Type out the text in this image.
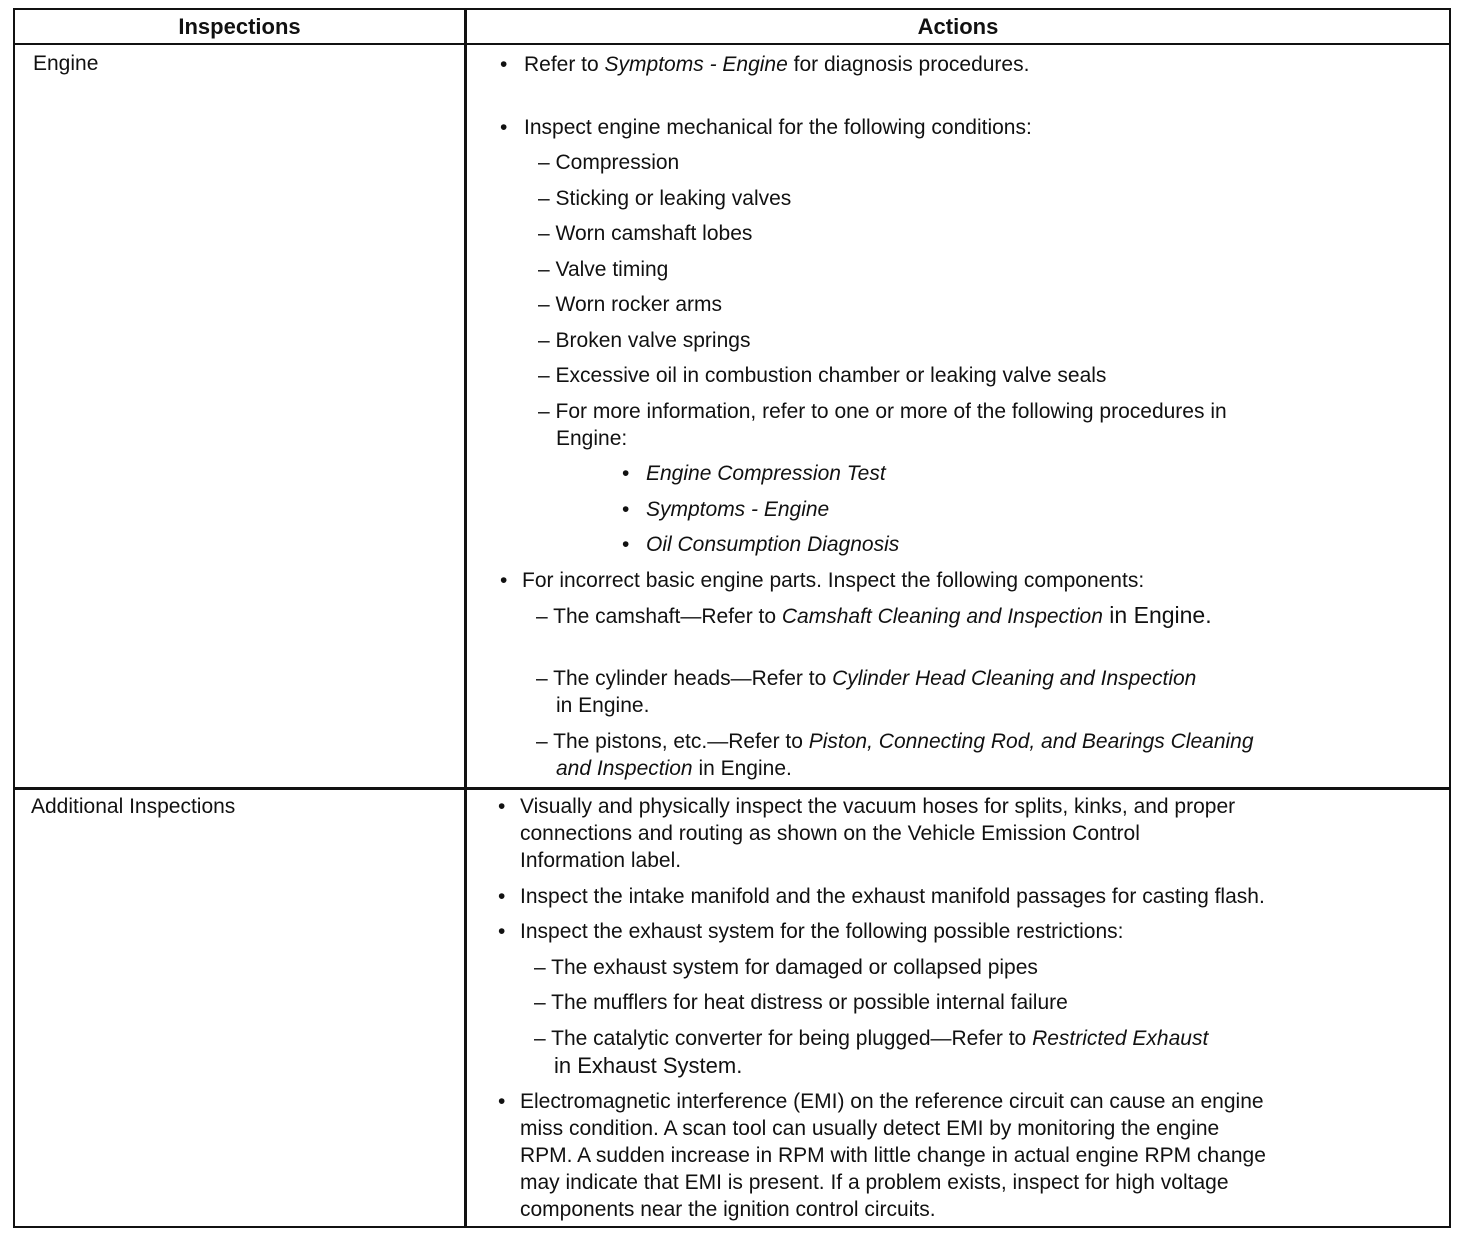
Inspections	Actions
Engine
Additional Inspections
• Refer to Symptoms - Engine for diagnosis procedures.
• Inspect engine mechanical for the following conditions:
– Compression
– Sticking or leaking valves
– Worn camshaft lobes
– Valve timing
– Worn rocker arms
– Broken valve springs
– Excessive oil in combustion chamber or leaking valve seals
– For more information, refer to one or more of the following procedures in
Engine:
• Engine Compression Test
• Symptoms - Engine
• Oil Consumption Diagnosis
• For incorrect basic engine parts. Inspect the following components:
– The camshaft—Refer to Camshaft Cleaning and Inspection in Engine.
– The cylinder heads—Refer to Cylinder Head Cleaning and Inspection
in Engine.
– The pistons, etc.—Refer to Piston, Connecting Rod, and Bearings Cleaning
and Inspection in Engine.
• Visually and physically inspect the vacuum hoses for splits, kinks, and proper
connections and routing as shown on the Vehicle Emission Control
Information label.
• Inspect the intake manifold and the exhaust manifold passages for casting flash.
• Inspect the exhaust system for the following possible restrictions:
– The exhaust system for damaged or collapsed pipes
– The mufflers for heat distress or possible internal failure
– The catalytic converter for being plugged—Refer to Restricted Exhaust
in Exhaust System.
• Electromagnetic interference (EMI) on the reference circuit can cause an engine
miss condition. A scan tool can usually detect EMI by monitoring the engine
RPM. A sudden increase in RPM with little change in actual engine RPM change
may indicate that EMI is present. If a problem exists, inspect for high voltage
components near the ignition control circuits.
